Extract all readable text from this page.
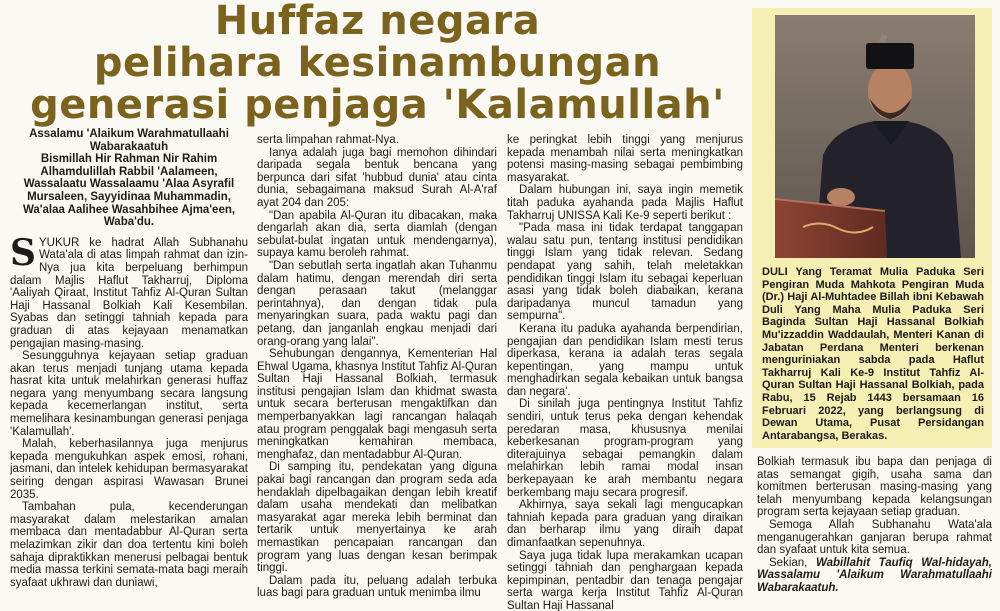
Huffaz negara
pelihara kesinambungan
generasi penjaga 'Kalamullah'
Assalamu 'Alaikum Warahmatullaahi
Wabarakaatuh
Bismillah Hir Rahman Nir Rahim
Alhamdulillah Rabbil 'Aalameen,
Wassalaatu Wassalaamu 'Alaa Asyrafil
Mursaleen, Sayyidinaa Muhammadin,
Wa'alaa Aalihee Wasahbihee Ajma'een,
Waba'du.

SYUKUR ke hadrat Allah Subhanahu Wata'ala di atas limpah rahmat dan izin-Nya jua kita berpeluang berhimpun dalam Majlis Haflut Takharruj, Diploma 'Aaliyah Qiraat, Institut Tahfiz Al-Quran Sultan Haji Hassanal Bolkiah Kali Kesembilan. Syabas dan setinggi tahniah kepada para graduan di atas kejayaan menamatkan pengajian masing-masing.

Sesungguhnya kejayaan setiap graduan akan terus menjadi tunjang utama kepada hasrat kita untuk melahirkan generasi huffaz negara yang menyumbang secara langsung kepada kecemerlangan institut, serta memelihara kesinambungan generasi penjaga 'Kalamullah'.

Malah, keberhasilannya juga menjurus kepada mengukuhkan aspek emosi, rohani, jasmani, dan intelek kehidupan bermasyarakat seiring dengan aspirasi Wawasan Brunei 2035.

Tambahan pula, kecenderungan masyarakat dalam melestarikan amalan membaca dan mentadabbur Al-Quran serta melazimkan zikir dan doa tertentu kini boleh sahaja dipraktikkan menerusi pelbagai bentuk media massa terkini semata-mata bagi meraih syafaat ukhrawi dan duniawi,

serta limpahan rahmat-Nya.

Ianya adalah juga bagi memohon dihindari daripada segala bentuk bencana yang berpunca dari sifat 'hubbud dunia' atau cinta dunia, sebagaimana maksud Surah Al-A'raf ayat 204 dan 205:

"Dan apabila Al-Quran itu dibacakan, maka dengarlah akan dia, serta diamlah (dengan sebulat-bulat ingatan untuk mendengarnya), supaya kamu beroleh rahmat.

"Dan sebutlah serta ingatlah akan Tuhanmu dalam hatimu, dengan merendah diri serta dengan perasaan takut (melanggar perintahnya), dan dengan tidak pula menyaringkan suara, pada waktu pagi dan petang, dan janganlah engkau menjadi dari orang-orang yang lalai".

Sehubungan dengannya, Kementerian Hal Ehwal Ugama, khasnya Institut Tahfiz Al-Quran Sultan Haji Hassanal Bolkiah, termasuk institusi pengajian Islam dan khidmat swasta untuk secara berterusan mengaktifkan dan memperbanyakkan lagi rancangan halaqah atau program penggalak bagi mengasuh serta meningkatkan kemahiran membaca, menghafaz, dan mentadabbur Al-Quran.

Di samping itu, pendekatan yang diguna pakai bagi rancangan dan program seda ada hendaklah dipelbagaikan dengan lebih kreatif dalam usaha mendekati dan melibatkan masyarakat agar mereka lebih berminat dan tertarik untuk menyertainya ke arah memastikan pencapaian rancangan dan program yang luas dengan kesan berimpak tinggi.

Dalam pada itu, peluang adalah terbuka luas bagi para graduan untuk menimba ilmu

ke peringkat lebih tinggi yang menjurus kepada menambah nilai serta meningkatkan potensi masing-masing sebagai pembimbing masyarakat.

Dalam hubungan ini, saya ingin memetik titah paduka ayahanda pada Majlis Haflut Takharruj UNISSA Kali Ke-9 seperti berikut :

"Pada masa ini tidak terdapat tanggapan walau satu pun, tentang institusi pendidikan tinggi Islam yang tidak relevan. Sedang pendapat yang sahih, telah meletakkan pendidikan tinggi Islam itu sebagai keperluan asasi yang tidak boleh diabaikan, kerana daripadanya muncul tamadun yang sempurna".

Kerana itu paduka ayahanda berpendirian, pengajian dan pendidikan Islam mesti terus diperkasa, kerana ia adalah teras segala kepentingan, yang mampu untuk menghadirkan segala kebaikan untuk bangsa dan negara'.

Di sinilah juga pentingnya Institut Tahfiz sendiri, untuk terus peka dengan kehendak peredaran masa, khususnya menilai keberkesanan program-program yang diterajuinya sebagai pemangkin dalam melahirkan lebih ramai modal insan berkepayaan ke arah membantu negara berkembang maju secara progresif.

Akhirnya, saya sekali lagi mengucapkan tahniah kepada para graduan yang diraikan dan berharap ilmu yang diraih dapat dimanfaatkan sepenuhnya.

Saya juga tidak lupa merakamkan ucapan setinggi tahniah dan penghargaan kepada kepimpinan, pentadbir dan tenaga pengajar serta warga kerja Institut Tahfiz Al-Quran Sultan Haji Hassanal

DULI Yang Teramat Mulia Paduka Seri Pengiran Muda Mahkota Pengiran Muda (Dr.) Haji Al-Muhtadee Billah ibni Kebawah Duli Yang Maha Mulia Paduka Seri Baginda Sultan Haji Hassanal Bolkiah Mu'izzaddin Waddaulah, Menteri Kanan di Jabatan Perdana Menteri berkenan menguriniakan sabda pada Haflut Takharruj Kali Ke-9 Institut Tahfiz Al-Quran Sultan Haji Hassanal Bolkiah, pada Rabu, 15 Rejab 1443 bersamaan 16 Februari 2022, yang berlangsung di Dewan Utama, Pusat Persidangan Antarabangsa, Berakas.

Bolkiah termasuk ibu bapa dan penjaga di atas semangat gigih, usaha sama dan komitmen berterusan masing-masing yang telah menyumbang kepada kelangsungan program serta kejayaan setiap graduan.

Semoga Allah Subhanahu Wata'ala menganugerahkan ganjaran berupa rahmat dan syafaat untuk kita semua.

Sekian, Wabillahit Taufiq Wal-hidayah, Wassalamu 'Alaikum Warahmatullaahi Wabarakaatuh.
